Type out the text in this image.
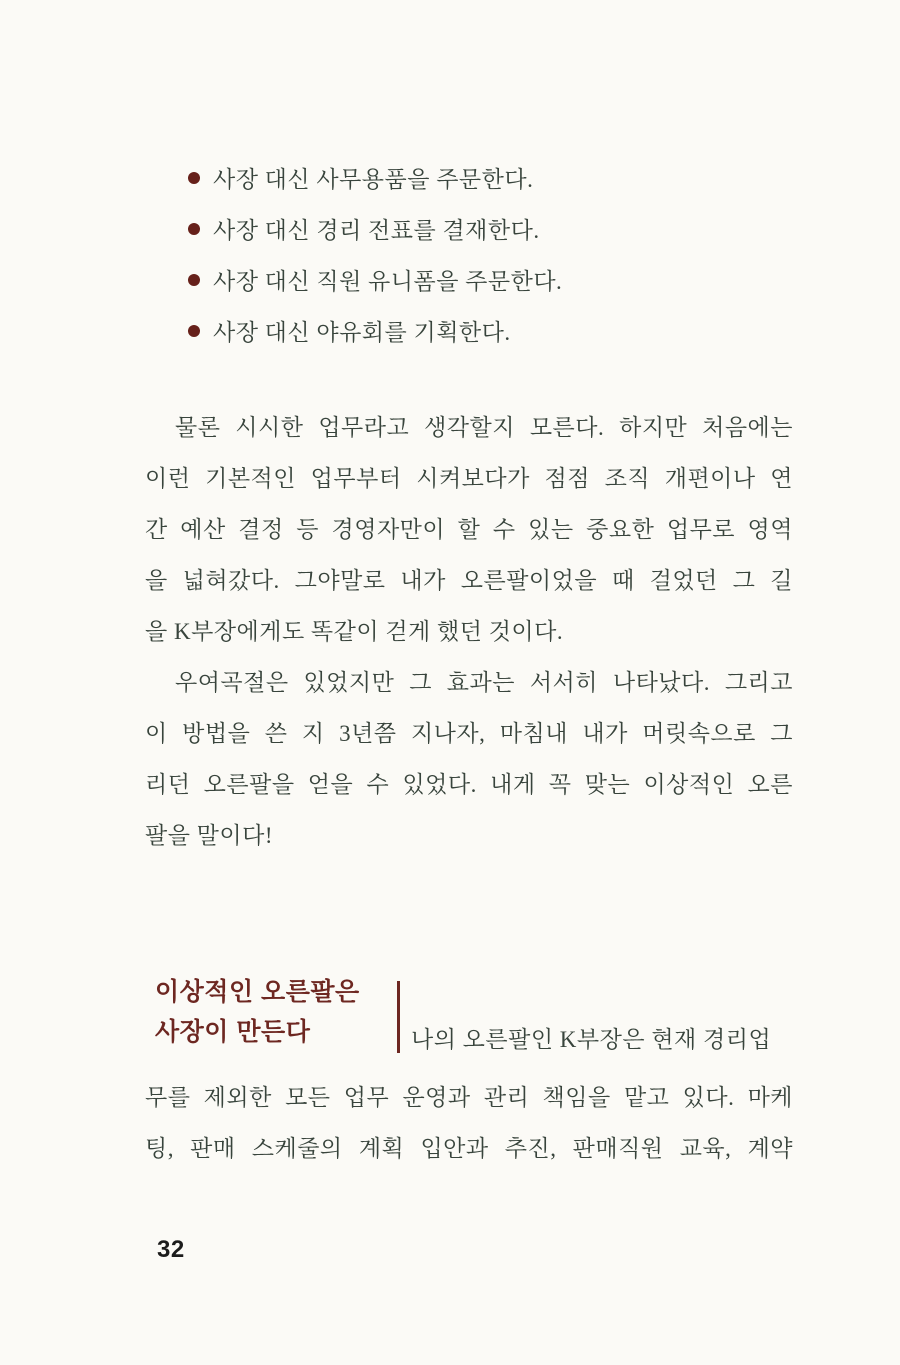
사장 대신 사무용품을 주문한다.
사장 대신 경리 전표를 결재한다.
사장 대신 직원 유니폼을 주문한다.
사장 대신 야유회를 기획한다.
물론 시시한 업무라고 생각할지 모른다. 하지만 처음에는
이런 기본적인 업무부터 시켜보다가 점점 조직 개편이나 연
간 예산 결정 등 경영자만이 할 수 있는 중요한 업무로 영역
을 넓혀갔다. 그야말로 내가 오른팔이었을 때 걸었던 그 길
을 K부장에게도 똑같이 걷게 했던 것이다.
우여곡절은 있었지만 그 효과는 서서히 나타났다. 그리고
이 방법을 쓴 지 3년쯤 지나자, 마침내 내가 머릿속으로 그
리던 오른팔을 얻을 수 있었다. 내게 꼭 맞는 이상적인 오른
팔을 말이다!
이상적인 오른팔은
사장이 만든다	나의 오른팔인 K부장은 현재 경리업
무를 제외한 모든 업무 운영과 관리 책임을 맡고 있다. 마케
팅, 판매 스케줄의 계획 입안과 추진, 판매직원 교육, 계약
32
